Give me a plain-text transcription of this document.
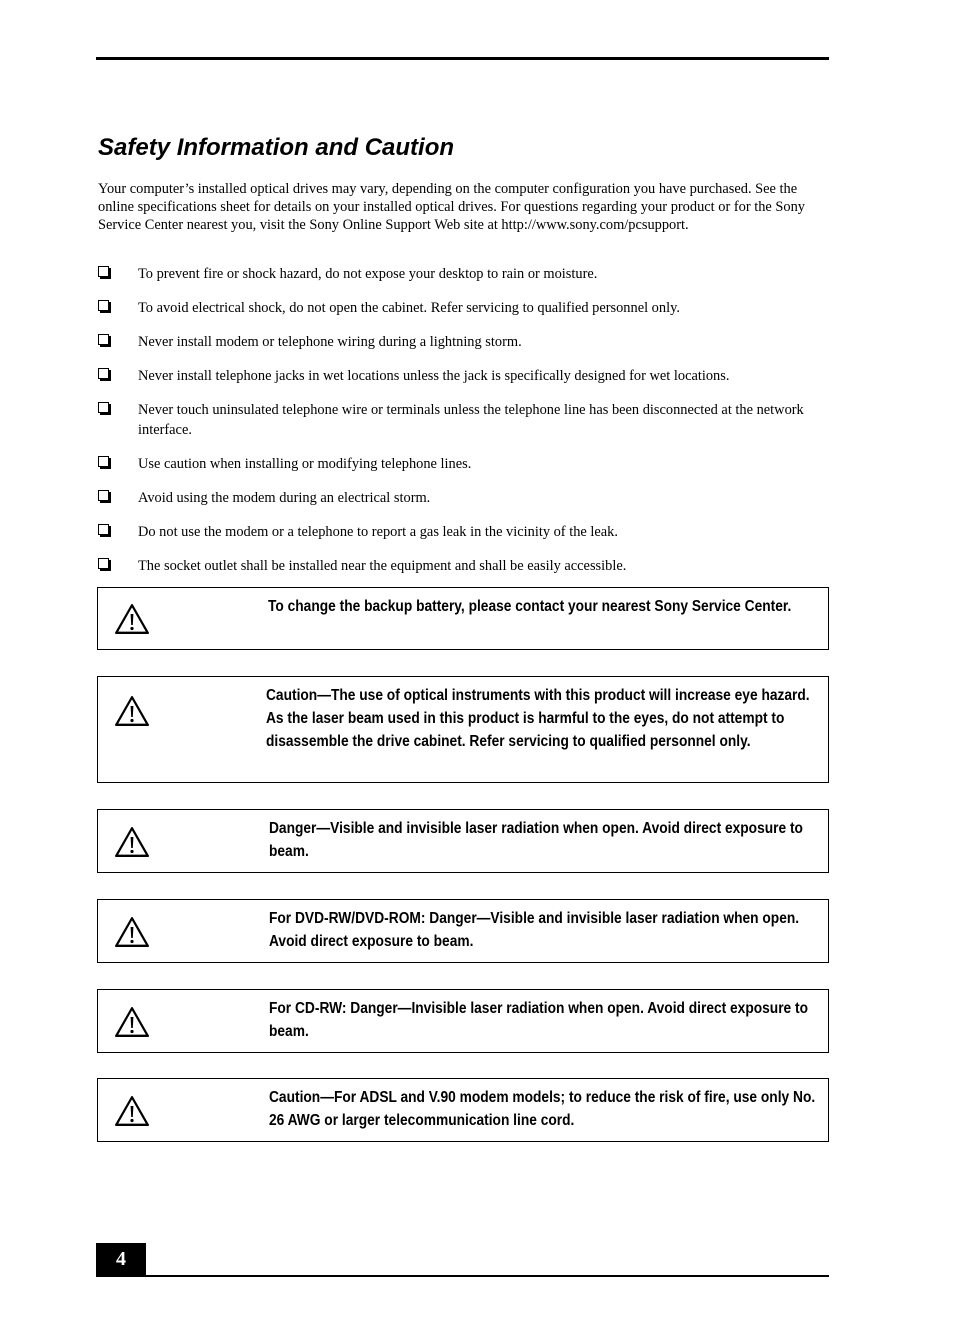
Safety Information and Caution

Your computer’s installed optical drives may vary, depending on the computer configuration you have purchased. See the online specifications sheet for details on your installed optical drives. For questions regarding your product or for the Sony Service Center nearest you, visit the Sony Online Support Web site at http://www.sony.com/pcsupport.

To prevent fire or shock hazard, do not expose your desktop to rain or moisture.
To avoid electrical shock, do not open the cabinet. Refer servicing to qualified personnel only.
Never install modem or telephone wiring during a lightning storm.
Never install telephone jacks in wet locations unless the jack is specifically designed for wet locations.
Never touch uninsulated telephone wire or terminals unless the telephone line has been disconnected at the network interface.
Use caution when installing or modifying telephone lines.
Avoid using the modem during an electrical storm.
Do not use the modem or a telephone to report a gas leak in the vicinity of the leak.
The socket outlet shall be installed near the equipment and shall be easily accessible.

To change the backup battery, please contact your nearest Sony Service Center.

Caution—The use of optical instruments with this product will increase eye hazard. As the laser beam used in this product is harmful to the eyes, do not attempt to disassemble the drive cabinet. Refer servicing to qualified personnel only.

Danger—Visible and invisible laser radiation when open. Avoid direct exposure to beam.

For DVD-RW/DVD-ROM: Danger—Visible and invisible laser radiation when open. Avoid direct exposure to beam.

For CD-RW: Danger—Invisible laser radiation when open. Avoid direct exposure to beam.

Caution—For ADSL and V.90 modem models; to reduce the risk of fire, use only No. 26 AWG or larger telecommunication line cord.

4
